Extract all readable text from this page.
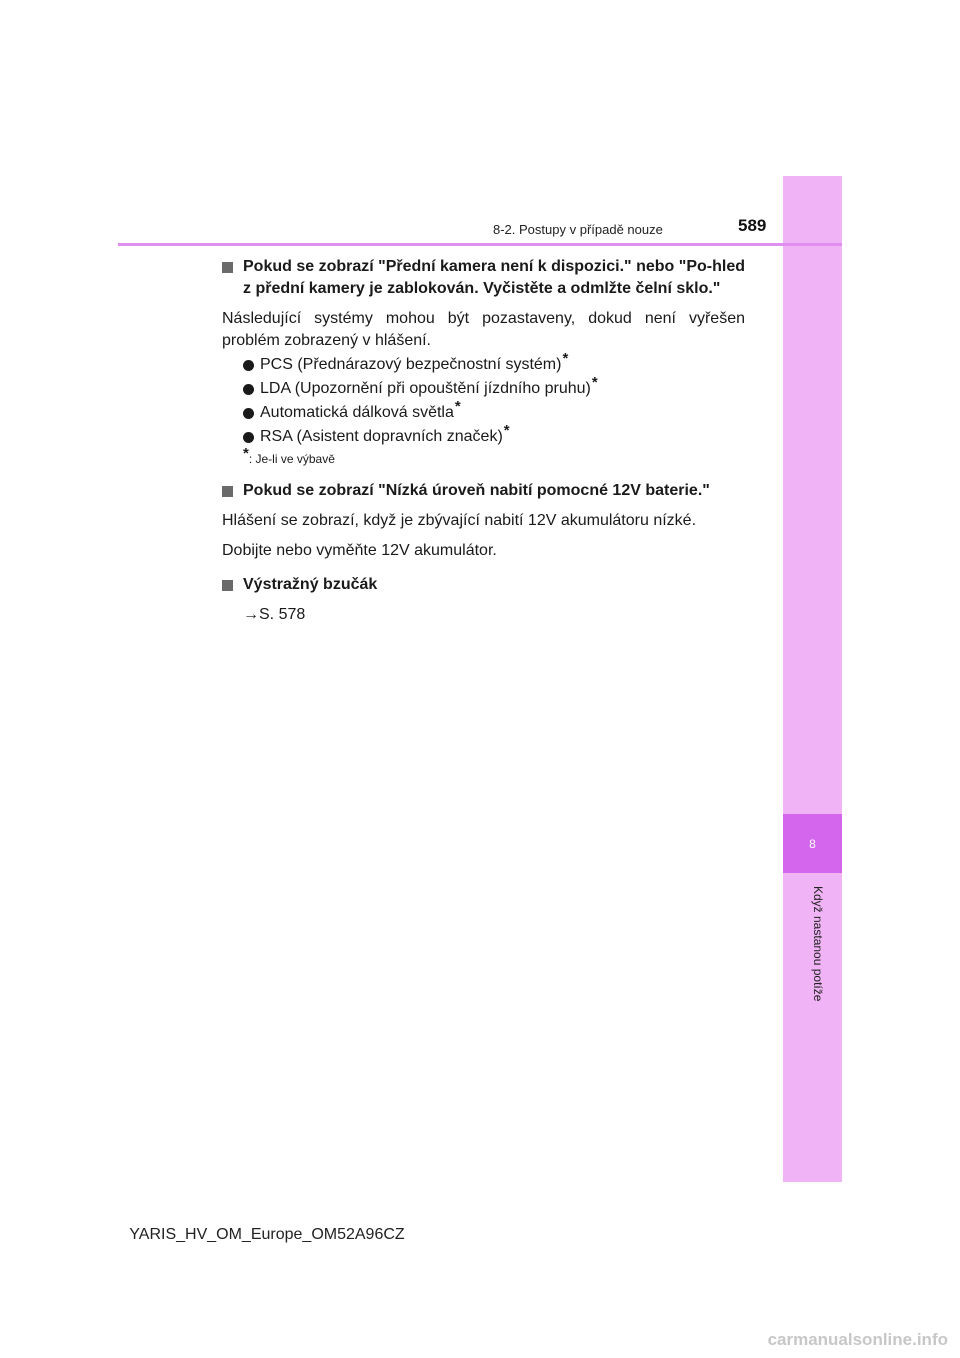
8
Když nastanou potíže
8-2. Postupy v případě nouze	589
Pokud se zobrazí "Přední kamera není k dispozici." nebo "Po-hled z přední kamery je zablokován. Vyčistěte a odmlžte čelní sklo."
Následující systémy mohou být pozastaveny, dokud není vyřešen problém zobrazený v hlášení.
PCS (Přednárazový bezpečnostní systém)*
LDA (Upozornění při opouštění jízdního pruhu)*
Automatická dálková světla*
RSA (Asistent dopravních značek)*
*: Je-li ve výbavě
Pokud se zobrazí "Nízká úroveň nabití pomocné 12V baterie."
Hlášení se zobrazí, když je zbývající nabití 12V akumulátoru nízké.
Dobijte nebo vyměňte 12V akumulátor.
Výstražný bzučák
→S. 578
YARIS_HV_OM_Europe_OM52A96CZ
carmanualsonline.info
